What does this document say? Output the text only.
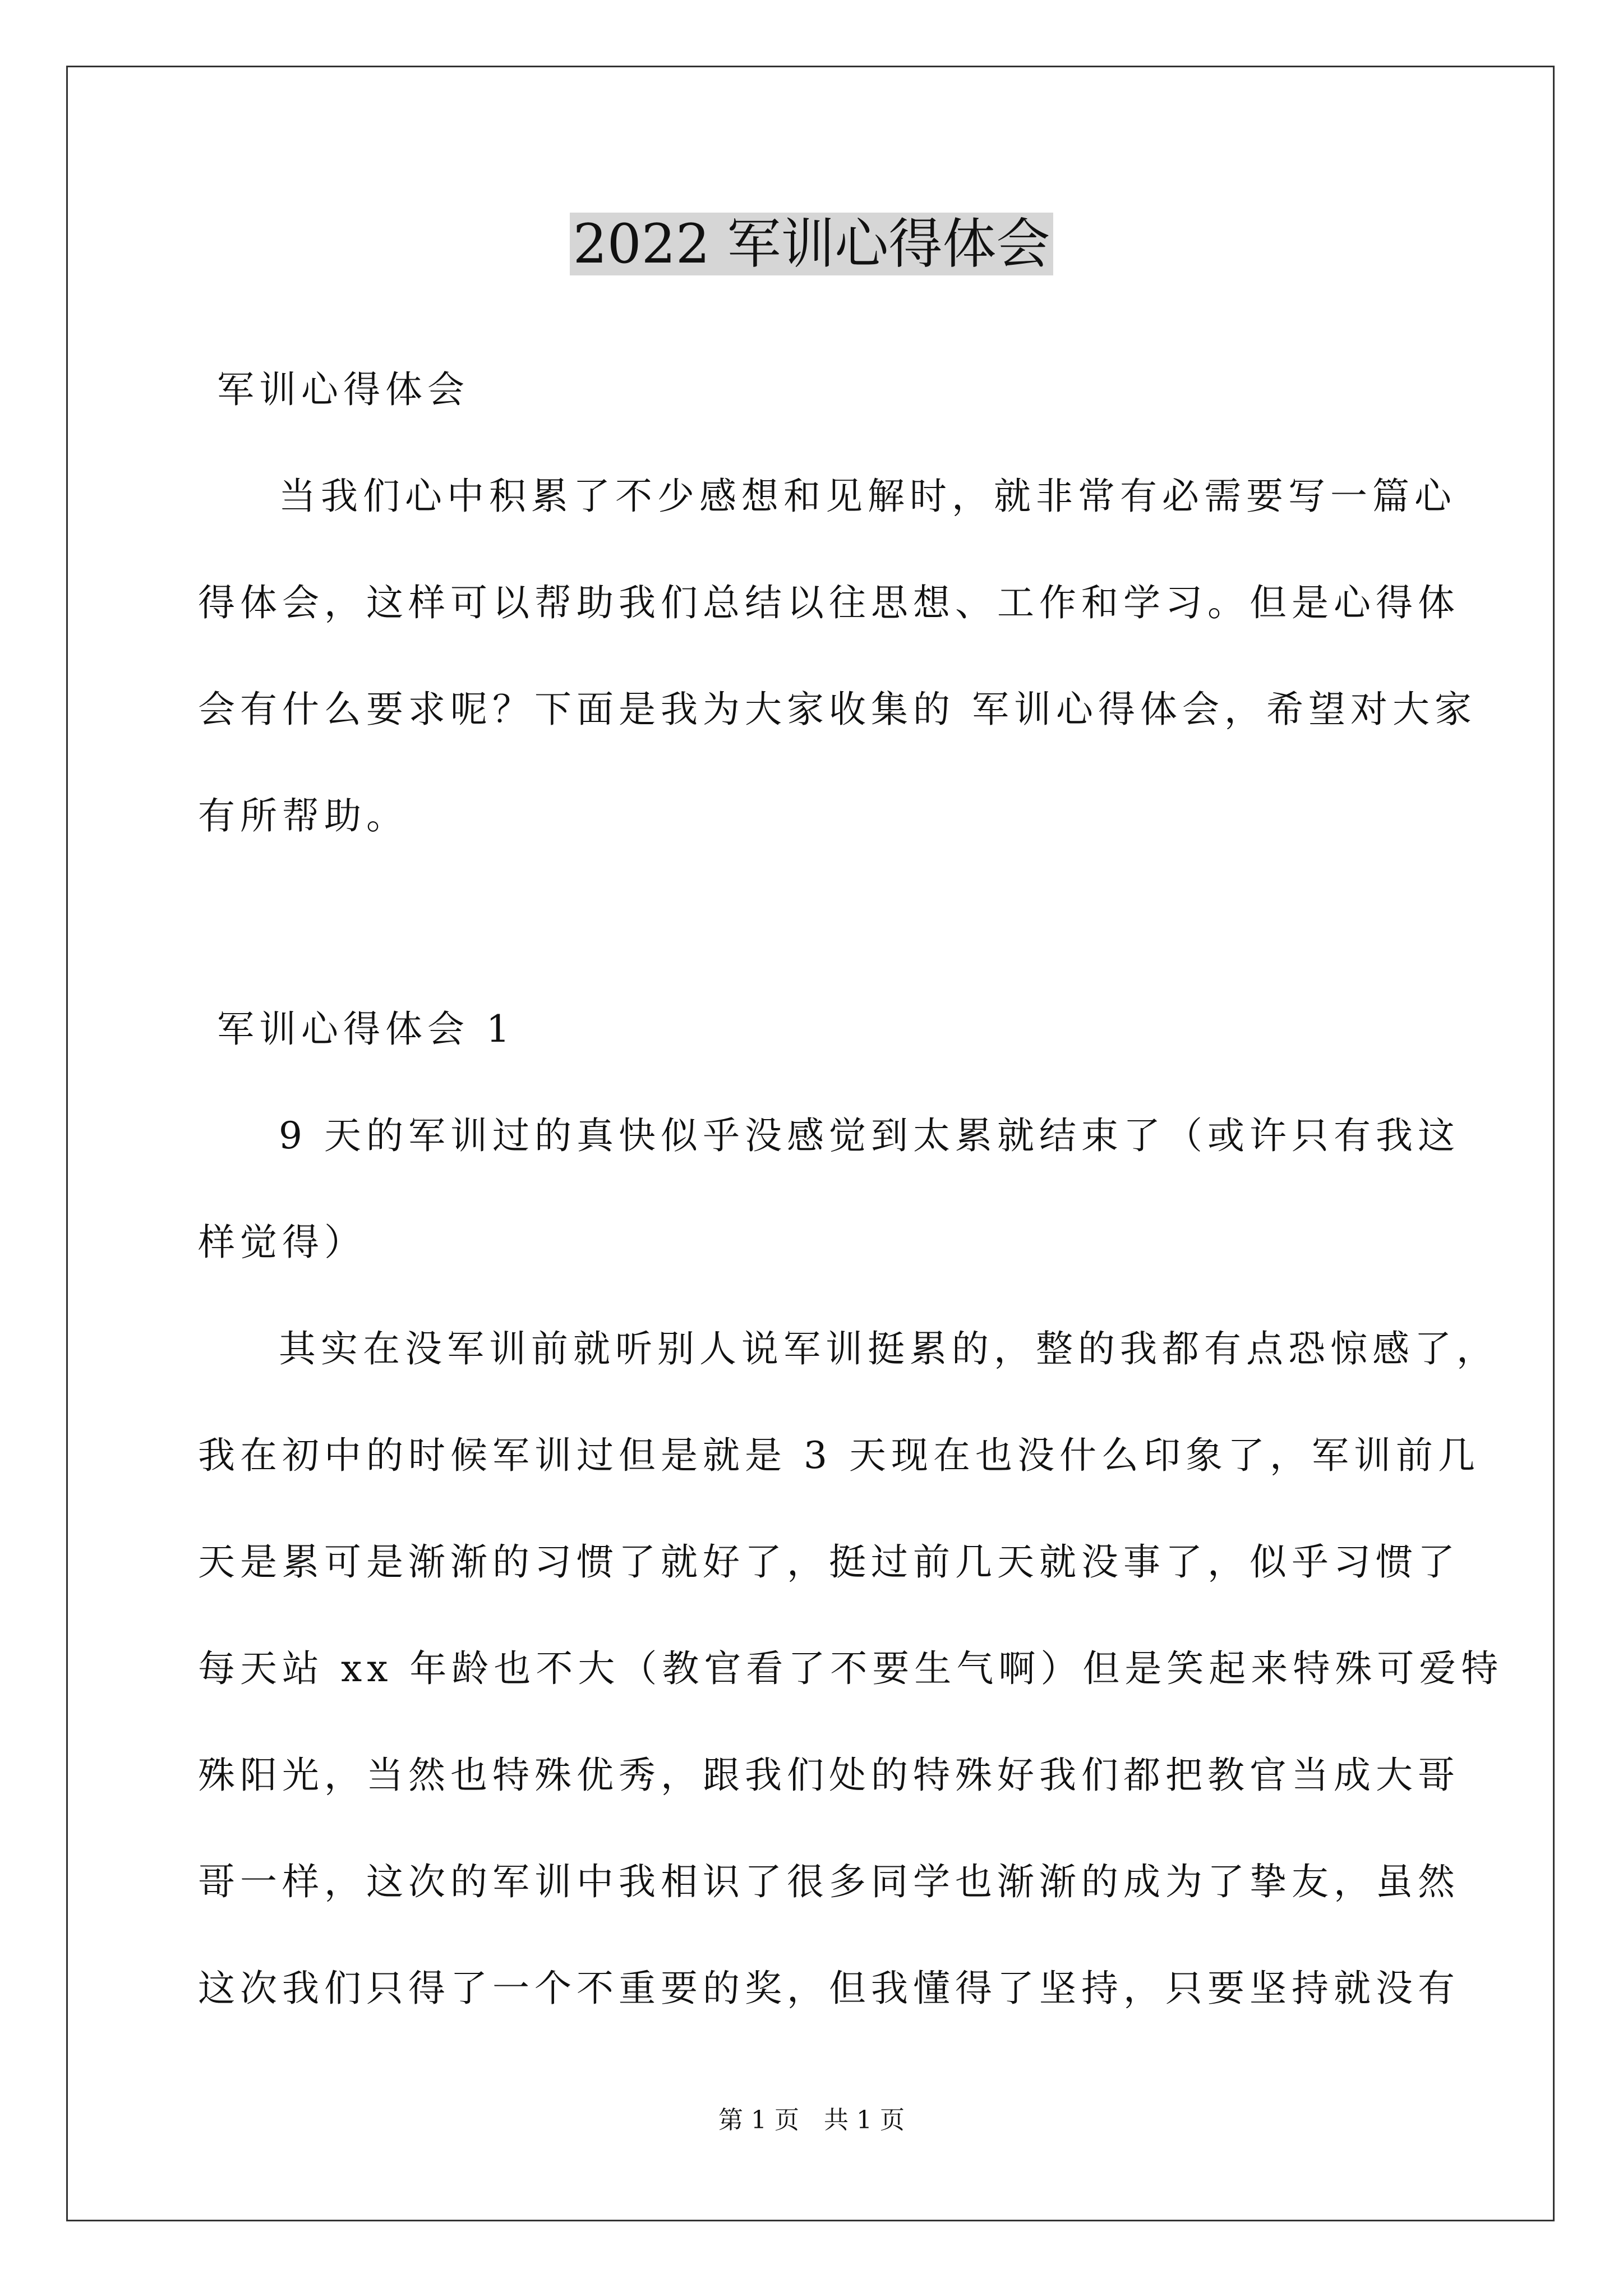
2022 军训心得体会
军训心得体会
当我们心中积累了不少感想和见解时，就非常有必需要写一篇心
得体会，这样可以帮助我们总结以往思想、工作和学习。但是心得体
会有什么要求呢？下面是我为大家收集的 军训心得体会，希望对大家
有所帮助。
军训心得体会 1
9 天的军训过的真快似乎没感觉到太累就结束了（或许只有我这
样觉得）
其实在没军训前就听别人说军训挺累的，整的我都有点恐惊感了，
我在初中的时候军训过但是就是 3 天现在也没什么印象了，军训前几
天是累可是渐渐的习惯了就好了，挺过前几天就没事了，似乎习惯了
每天站 xx 年龄也不大（教官看了不要生气啊）但是笑起来特殊可爱特
殊阳光，当然也特殊优秀，跟我们处的特殊好我们都把教官当成大哥
哥一样，这次的军训中我相识了很多同学也渐渐的成为了挚友，虽然
这次我们只得了一个不重要的奖，但我懂得了坚持，只要坚持就没有
第 1 页　共 1 页
